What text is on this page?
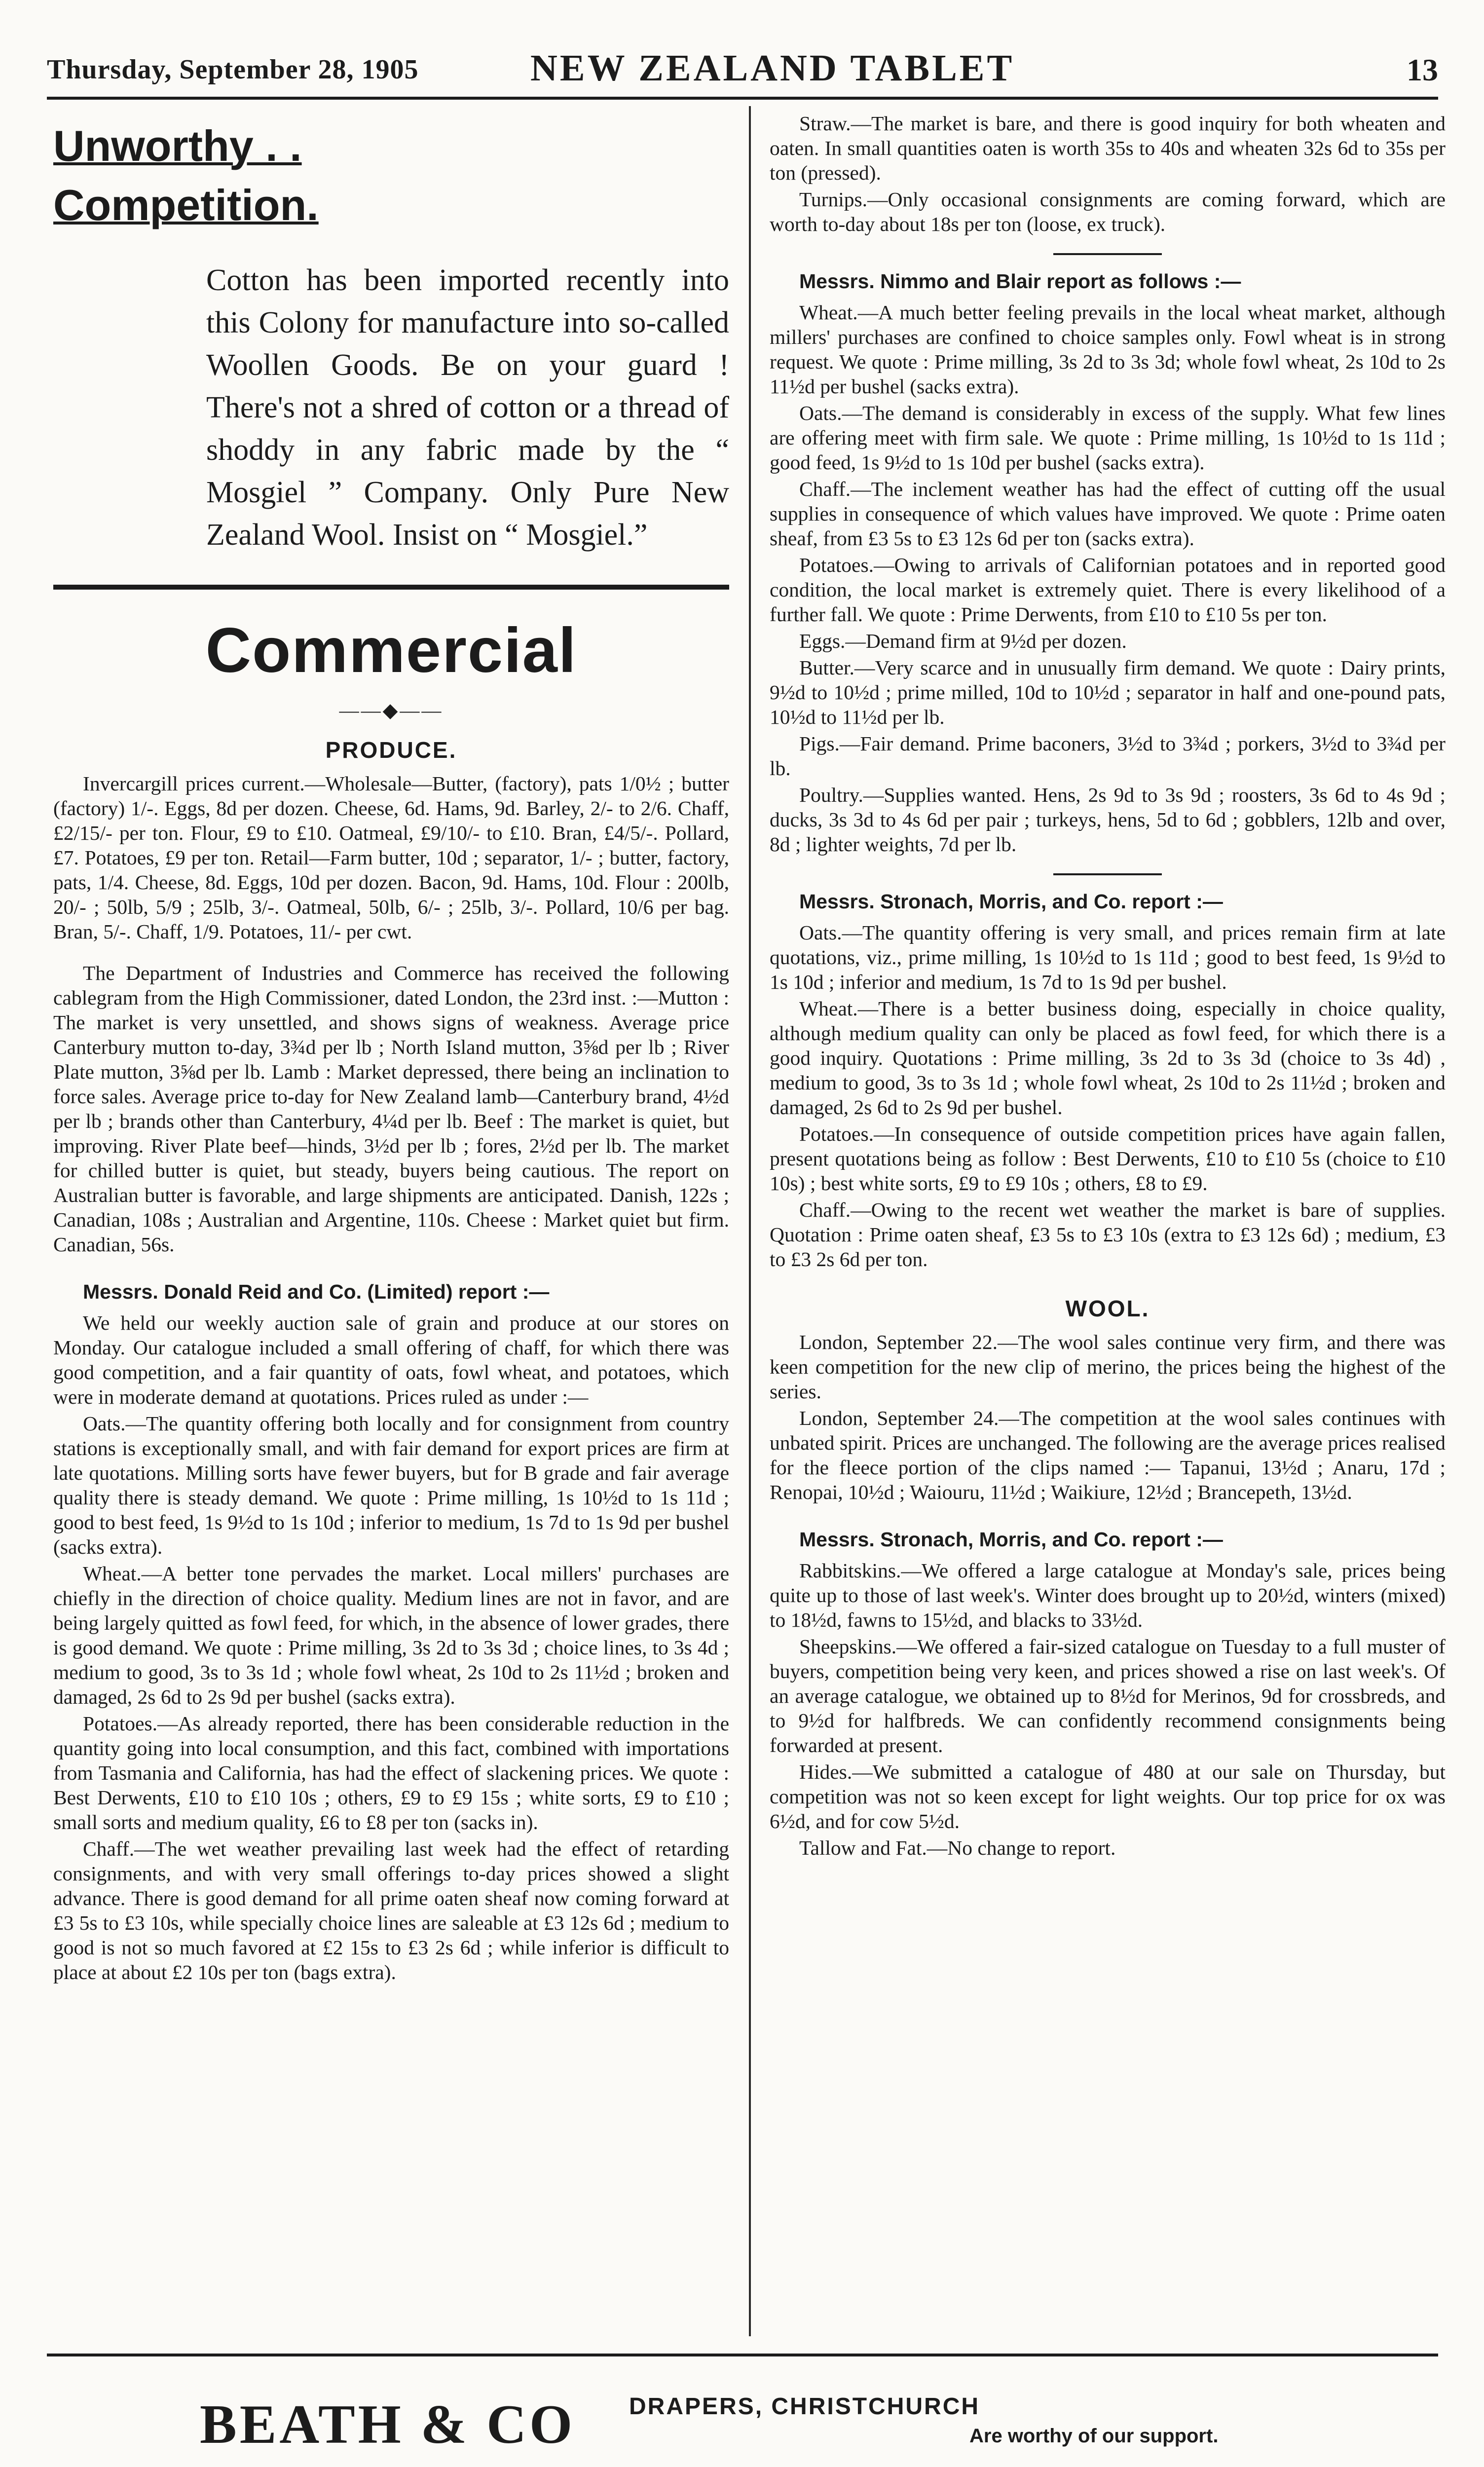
Thursday, September 28, 1905	NEW ZEALAND TABLET	13
Unworthy . .
Competition.
Cotton has been imported recently into this Colony for manufacture into so-called Woollen Goods. Be on your guard ! There's not a shred of cotton or a thread of shoddy in any fabric made by the “ Mosgiel ” Company. Only Pure New Zealand Wool. Insist on “ Mosgiel.”
Commercial
——◆——
PRODUCE.

Invercargill prices current.—Wholesale—Butter, (factory), pats 1/0½ ; butter (factory) 1/-. Eggs, 8d per dozen. Cheese, 6d. Hams, 9d. Barley, 2/- to 2/6. Chaff, £2/15/- per ton. Flour, £9 to £10. Oatmeal, £9/10/- to £10. Bran, £4/5/-. Pollard, £7. Potatoes, £9 per ton. Retail—Farm butter, 10d ; separator, 1/- ; butter, factory, pats, 1/4. Cheese, 8d. Eggs, 10d per dozen. Bacon, 9d. Hams, 10d. Flour : 200lb, 20/- ; 50lb, 5/9 ; 25lb, 3/-. Oatmeal, 50lb, 6/- ; 25lb, 3/-. Pollard, 10/6 per bag. Bran, 5/-. Chaff, 1/9. Potatoes, 11/- per cwt.

The Department of Industries and Commerce has received the following cablegram from the High Commissioner, dated London, the 23rd inst. :—Mutton : The market is very unsettled, and shows signs of weakness. Average price Canterbury mutton to-day, 3¾d per lb ; North Island mutton, 3⅝d per lb ; River Plate mutton, 3⅝d per lb. Lamb : Market depressed, there being an inclination to force sales. Average price to-day for New Zealand lamb—Canterbury brand, 4½d per lb ; brands other than Canterbury, 4¼d per lb. Beef : The market is quiet, but improving. River Plate beef—hinds, 3½d per lb ; fores, 2½d per lb. The market for chilled butter is quiet, but steady, buyers being cautious. The report on Australian butter is favorable, and large shipments are anticipated. Danish, 122s ; Canadian, 108s ; Australian and Argentine, 110s. Cheese : Market quiet but firm. Canadian, 56s.

Messrs. Donald Reid and Co. (Limited) report :—

We held our weekly auction sale of grain and produce at our stores on Monday. Our catalogue included a small offering of chaff, for which there was good competition, and a fair quantity of oats, fowl wheat, and potatoes, which were in moderate demand at quotations. Prices ruled as under :—

Oats.—The quantity offering both locally and for consignment from country stations is exceptionally small, and with fair demand for export prices are firm at late quotations. Milling sorts have fewer buyers, but for B grade and fair average quality there is steady demand. We quote : Prime milling, 1s 10½d to 1s 11d ; good to best feed, 1s 9½d to 1s 10d ; inferior to medium, 1s 7d to 1s 9d per bushel (sacks extra).

Wheat.—A better tone pervades the market. Local millers' purchases are chiefly in the direction of choice quality. Medium lines are not in favor, and are being largely quitted as fowl feed, for which, in the absence of lower grades, there is good demand. We quote : Prime milling, 3s 2d to 3s 3d ; choice lines, to 3s 4d ; medium to good, 3s to 3s 1d ; whole fowl wheat, 2s 10d to 2s 11½d ; broken and damaged, 2s 6d to 2s 9d per bushel (sacks extra).

Potatoes.—As already reported, there has been considerable reduction in the quantity going into local consumption, and this fact, combined with importations from Tasmania and California, has had the effect of slackening prices. We quote : Best Derwents, £10 to £10 10s ; others, £9 to £9 15s ; white sorts, £9 to £10 ; small sorts and medium quality, £6 to £8 per ton (sacks in).

Chaff.—The wet weather prevailing last week had the effect of retarding consignments, and with very small offerings to-day prices showed a slight advance. There is good demand for all prime oaten sheaf now coming forward at £3 5s to £3 10s, while specially choice lines are saleable at £3 12s 6d ; medium to good is not so much favored at £2 15s to £3 2s 6d ; while inferior is difficult to place at about £2 10s per ton (bags extra).

Straw.—The market is bare, and there is good inquiry for both wheaten and oaten. In small quantities oaten is worth 35s to 40s and wheaten 32s 6d to 35s per ton (pressed).

Turnips.—Only occasional consignments are coming forward, which are worth to-day about 18s per ton (loose, ex truck).

Messrs. Nimmo and Blair report as follows :—

Wheat.—A much better feeling prevails in the local wheat market, although millers' purchases are confined to choice samples only. Fowl wheat is in strong request. We quote : Prime milling, 3s 2d to 3s 3d; whole fowl wheat, 2s 10d to 2s 11½d per bushel (sacks extra).

Oats.—The demand is considerably in excess of the supply. What few lines are offering meet with firm sale. We quote : Prime milling, 1s 10½d to 1s 11d ; good feed, 1s 9½d to 1s 10d per bushel (sacks extra).

Chaff.—The inclement weather has had the effect of cutting off the usual supplies in consequence of which values have improved. We quote : Prime oaten sheaf, from £3 5s to £3 12s 6d per ton (sacks extra).

Potatoes.—Owing to arrivals of Californian potatoes and in reported good condition, the local market is extremely quiet. There is every likelihood of a further fall. We quote : Prime Derwents, from £10 to £10 5s per ton.

Eggs.—Demand firm at 9½d per dozen.

Butter.—Very scarce and in unusually firm demand. We quote : Dairy prints, 9½d to 10½d ; prime milled, 10d to 10½d ; separator in half and one-pound pats, 10½d to 11½d per lb.

Pigs.—Fair demand. Prime baconers, 3½d to 3¾d ; porkers, 3½d to 3¾d per lb.

Poultry.—Supplies wanted. Hens, 2s 9d to 3s 9d ; roosters, 3s 6d to 4s 9d ; ducks, 3s 3d to 4s 6d per pair ; turkeys, hens, 5d to 6d ; gobblers, 12lb and over, 8d ; lighter weights, 7d per lb.

Messrs. Stronach, Morris, and Co. report :—

Oats.—The quantity offering is very small, and prices remain firm at late quotations, viz., prime milling, 1s 10½d to 1s 11d ; good to best feed, 1s 9½d to 1s 10d ; inferior and medium, 1s 7d to 1s 9d per bushel.

Wheat.—There is a better business doing, especially in choice quality, although medium quality can only be placed as fowl feed, for which there is a good inquiry. Quotations : Prime milling, 3s 2d to 3s 3d (choice to 3s 4d) , medium to good, 3s to 3s 1d ; whole fowl wheat, 2s 10d to 2s 11½d ; broken and damaged, 2s 6d to 2s 9d per bushel.

Potatoes.—In consequence of outside competition prices have again fallen, present quotations being as follow : Best Derwents, £10 to £10 5s (choice to £10 10s) ; best white sorts, £9 to £9 10s ; others, £8 to £9.

Chaff.—Owing to the recent wet weather the market is bare of supplies. Quotation : Prime oaten sheaf, £3 5s to £3 10s (extra to £3 12s 6d) ; medium, £3 to £3 2s 6d per ton.

WOOL.

London, September 22.—The wool sales continue very firm, and there was keen competition for the new clip of merino, the prices being the highest of the series.

London, September 24.—The competition at the wool sales continues with unbated spirit. Prices are unchanged. The following are the average prices realised for the fleece portion of the clips named :— Tapanui, 13½d ; Anaru, 17d ; Renopai, 10½d ; Waiouru, 11½d ; Waikiure, 12½d ; Brancepeth, 13½d.

Messrs. Stronach, Morris, and Co. report :—

Rabbitskins.—We offered a large catalogue at Monday's sale, prices being quite up to those of last week's. Winter does brought up to 20½d, winters (mixed) to 18½d, fawns to 15½d, and blacks to 33½d.

Sheepskins.—We offered a fair-sized catalogue on Tuesday to a full muster of buyers, competition being very keen, and prices showed a rise on last week's. Of an average catalogue, we obtained up to 8½d for Merinos, 9d for crossbreds, and to 9½d for halfbreds. We can confidently recommend consignments being forwarded at present.

Hides.—We submitted a catalogue of 480 at our sale on Thursday, but competition was not so keen except for light weights. Our top price for ox was 6½d, and for cow 5½d.

Tallow and Fat.—No change to report.

BEATH & CO DRAPERS, CHRISTCHURCH
Are worthy of our support.
